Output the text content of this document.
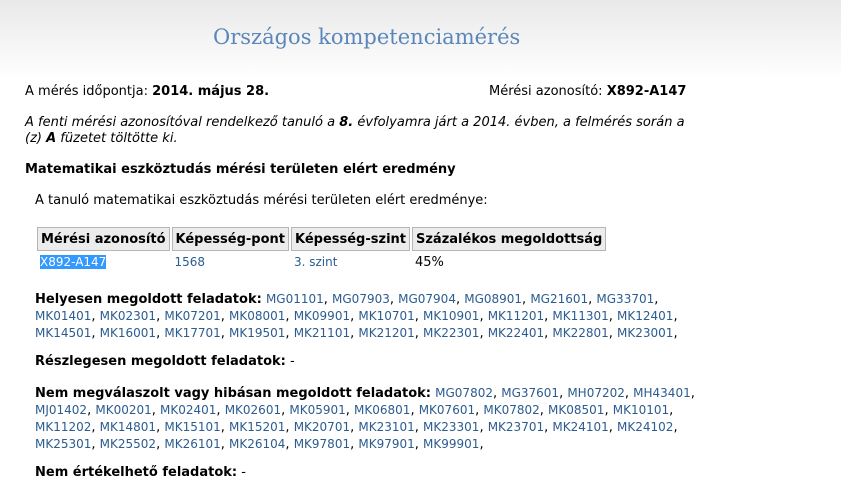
Országos kompetenciamérés
A mérés időpontja: 2014. május 28.	Mérési azonosító: X892-A147
A fenti mérési azonosítóval rendelkező tanuló a 8. évfolyamra járt a 2014. évben, a felmérés során a (z) A füzetet töltötte ki.
Matematikai eszköztudás mérési területen elért eredmény
A tanuló matematikai eszköztudás mérési területen elért eredménye:
Mérési azonosító	Képesség-pont	Képesség-szint	Százalékos megoldottság
X892-A147	1568	3. szint	45%
Helyesen megoldott feladatok: MG01101, MG07903, MG07904, MG08901, MG21601, MG33701, MK01401, MK02301, MK07201, MK08001, MK09901, MK10701, MK10901, MK11201, MK11301, MK12401, MK14501, MK16001, MK17701, MK19501, MK21101, MK21201, MK22301, MK22401, MK22801, MK23001,
Részlegesen megoldott feladatok: -
Nem megválaszolt vagy hibásan megoldott feladatok: MG07802, MG37601, MH07202, MH43401, MJ01402, MK00201, MK02401, MK02601, MK05901, MK06801, MK07601, MK07802, MK08501, MK10101, MK11202, MK14801, MK15101, MK15201, MK20701, MK23101, MK23301, MK23701, MK24101, MK24102, MK25301, MK25502, MK26101, MK26104, MK97801, MK97901, MK99901,
Nem értékelhető feladatok: -
